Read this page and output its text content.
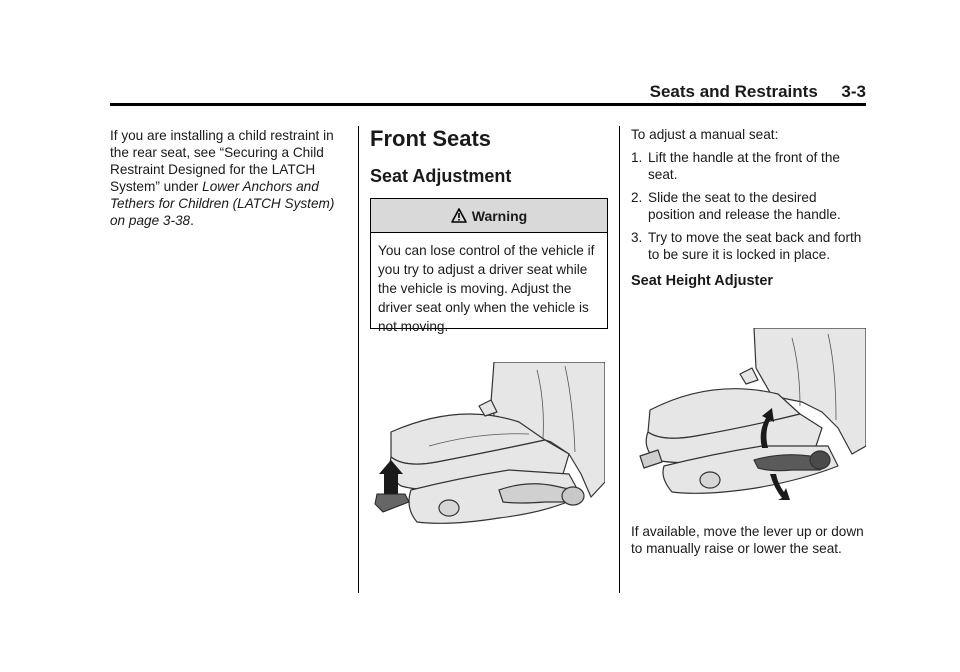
Seats and Restraints 3-3

If you are installing a child restraint in the rear seat, see “Securing a Child Restraint Designed for the LATCH System” under Lower Anchors and Tethers for Children (LATCH System) on page 3-38.

Front Seats
Seat Adjustment
Warning
You can lose control of the vehicle if you try to adjust a driver seat while the vehicle is moving. Adjust the driver seat only when the vehicle is not moving.
To adjust a manual seat:
1. Lift the handle at the front of the seat.
2. Slide the seat to the desired position and release the handle.
3. Try to move the seat back and forth to be sure it is locked in place.
Seat Height Adjuster
If available, move the lever up or down to manually raise or lower the seat.
